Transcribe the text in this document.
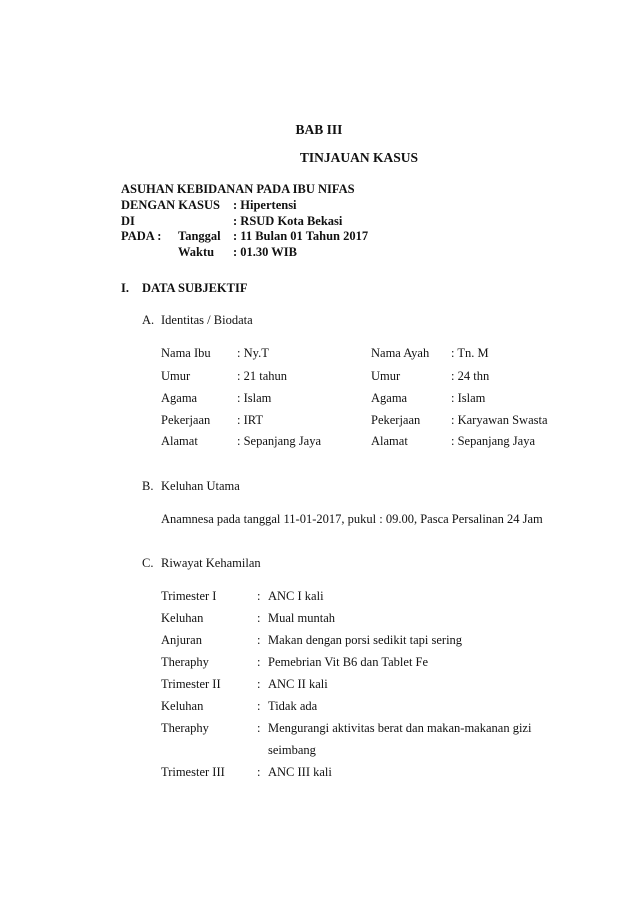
BAB III
TINJAUAN KASUS
ASUHAN KEBIDANAN PADA IBU NIFAS
DENGAN KASUS : Hipertensi
DI	: RSUD Kota Bekasi
PADA : Tanggal : 11 Bulan 01 Tahun 2017
Waktu : 01.30 WIB
I. DATA SUBJEKTIF
A. Identitas / Biodata
Nama Ibu : Ny.T	Nama Ayah : Tn. M
Umur	: 21 tahun	Umur	: 24 thn
Agama	: Islam	Agama	: Islam
Pekerjaan : IRT	Pekerjaan : Karyawan Swasta
Alamat	: Sepanjang Jaya	Alamat	: Sepanjang Jaya
B. Keluhan Utama
Anamnesa pada tanggal 11-01-2017, pukul : 09.00, Pasca Persalinan 24 Jam
C. Riwayat Kehamilan
Trimester I	: ANC I kali
Keluhan	: Mual muntah
Anjuran	: Makan dengan porsi sedikit tapi sering
Theraphy	: Pemebrian Vit B6 dan Tablet Fe
Trimester II	: ANC II kali
Keluhan	: Tidak ada
Theraphy	: Mengurangi aktivitas berat dan makan-makanan gizi
seimbang
Trimester III	: ANC III kali
